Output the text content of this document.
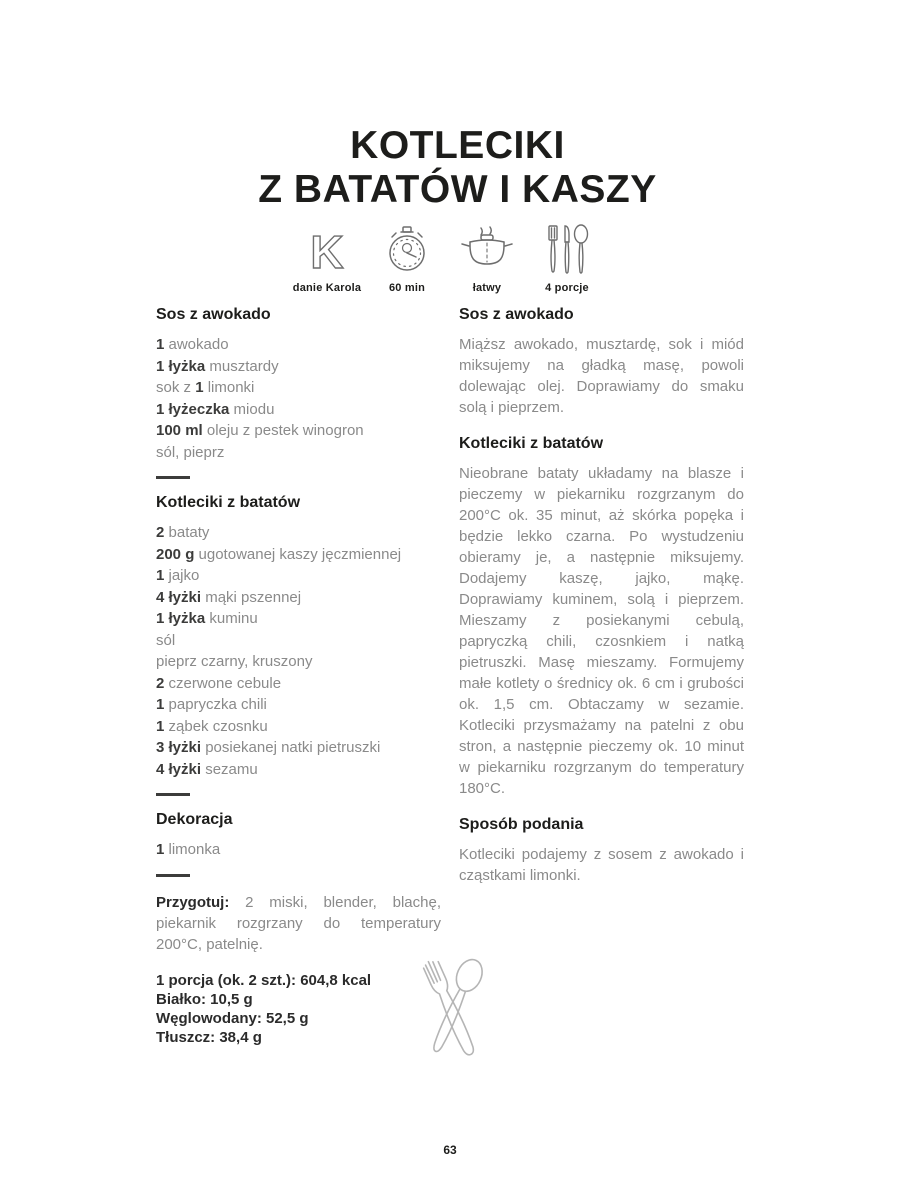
KOTLECIKI
Z BATATÓW I KASZY
K
danie Karola	60 min	łatwy	4 porcje
Sos z awokado
1 awokado
1 łyżka musztardy
sok z 1 limonki
1 łyżeczka miodu
100 ml oleju z pestek winogron
sól, pieprz
Kotleciki z batatów
2 bataty
200 g ugotowanej kaszy jęczmiennej
1 jajko
4 łyżki mąki pszennej
1 łyżka kuminu
sól
pieprz czarny, kruszony
2 czerwone cebule
1 papryczka chili
1 ząbek czosnku
3 łyżki posiekanej natki pietruszki
4 łyżki sezamu
Dekoracja
1 limonka

Przygotuj: 2 miski, blender, blachę, piekarnik rozgrzany do temperatury 200°C, patelnię.

1 porcja (ok. 2 szt.): 604,8 kcal
Białko: 10,5 g
Węglowodany: 52,5 g
Tłuszcz: 38,4 g
Sos z awokado

Miąższ awokado, musztardę, sok i miód miksujemy na gładką masę, powoli dolewając olej. Doprawiamy do smaku solą i pieprzem.

Kotleciki z batatów

Nieobrane bataty układamy na blasze i pieczemy w piekarniku rozgrzanym do 200°C ok. 35 minut, aż skórka popęka i będzie lekko czarna. Po wystudzeniu obieramy je, a następnie miksujemy. Dodajemy kaszę, jajko, mąkę. Doprawiamy kuminem, solą i pieprzem. Mieszamy z posiekanymi cebulą, papryczką chili, czosnkiem i natką pietruszki. Masę mieszamy. Formujemy małe kotlety o średnicy ok. 6 cm i grubości ok. 1,5 cm. Obtaczamy w sezamie. Kotleciki przysmażamy na patelni z obu stron, a następnie pieczemy ok. 10 minut w piekarniku rozgrzanym do temperatury 180°C.

Sposób podania

Kotleciki podajemy z sosem z awokado i cząstkami limonki.

63
